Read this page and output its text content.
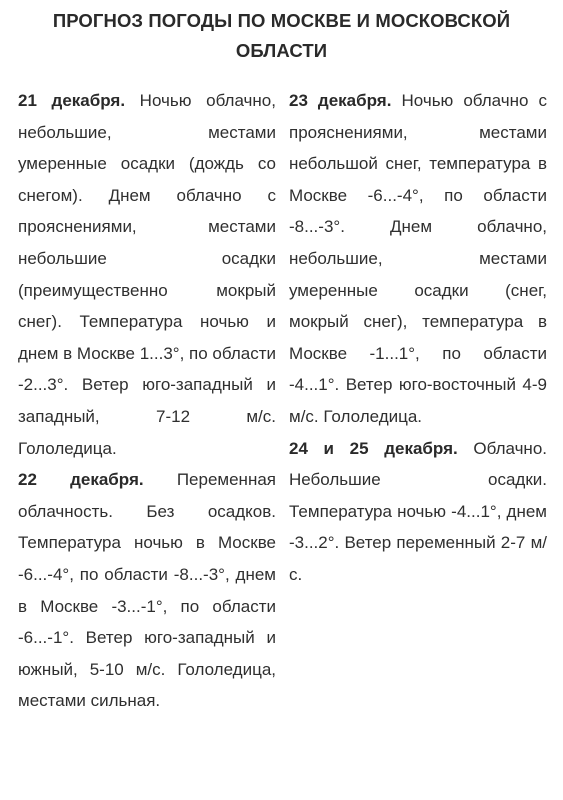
ПРОГНОЗ ПОГОДЫ ПО МОСКВЕ И МОСКОВСКОЙ
ОБЛАСТИ

21 декабря. Ночью облачно, небольшие, местами умеренные осадки (дождь со снегом). Днем облачно с прояснениями, местами небольшие осадки (преимущественно мокрый снег). Температура ночью и днем в Москве 1...3°, по области -2...3°. Ветер юго-западный и западный, 7-12 м/с. Гололедица.

22 декабря. Переменная облачность. Без осадков. Температура ночью в Москве -6...-4°, по области -8...-3°, днем в Москве -3...-1°, по области -6...-1°. Ветер юго-западный и южный, 5-10 м/с. Гололедица, местами сильная.

23 декабря. Ночью облачно с прояснениями, местами небольшой снег, температура в Москве -6...-4°, по области -8...-3°. Днем облачно, небольшие, местами умеренные осадки (снег, мокрый снег), температура в Москве -1...1°, по области -4...1°. Ветер юго-восточный 4-9 м/с. Гололедица.

24 и 25 декабря. Облачно. Небольшие осадки. Температура ночью -4...1°, днем -3...2°. Ветер переменный 2-7 м/с.
